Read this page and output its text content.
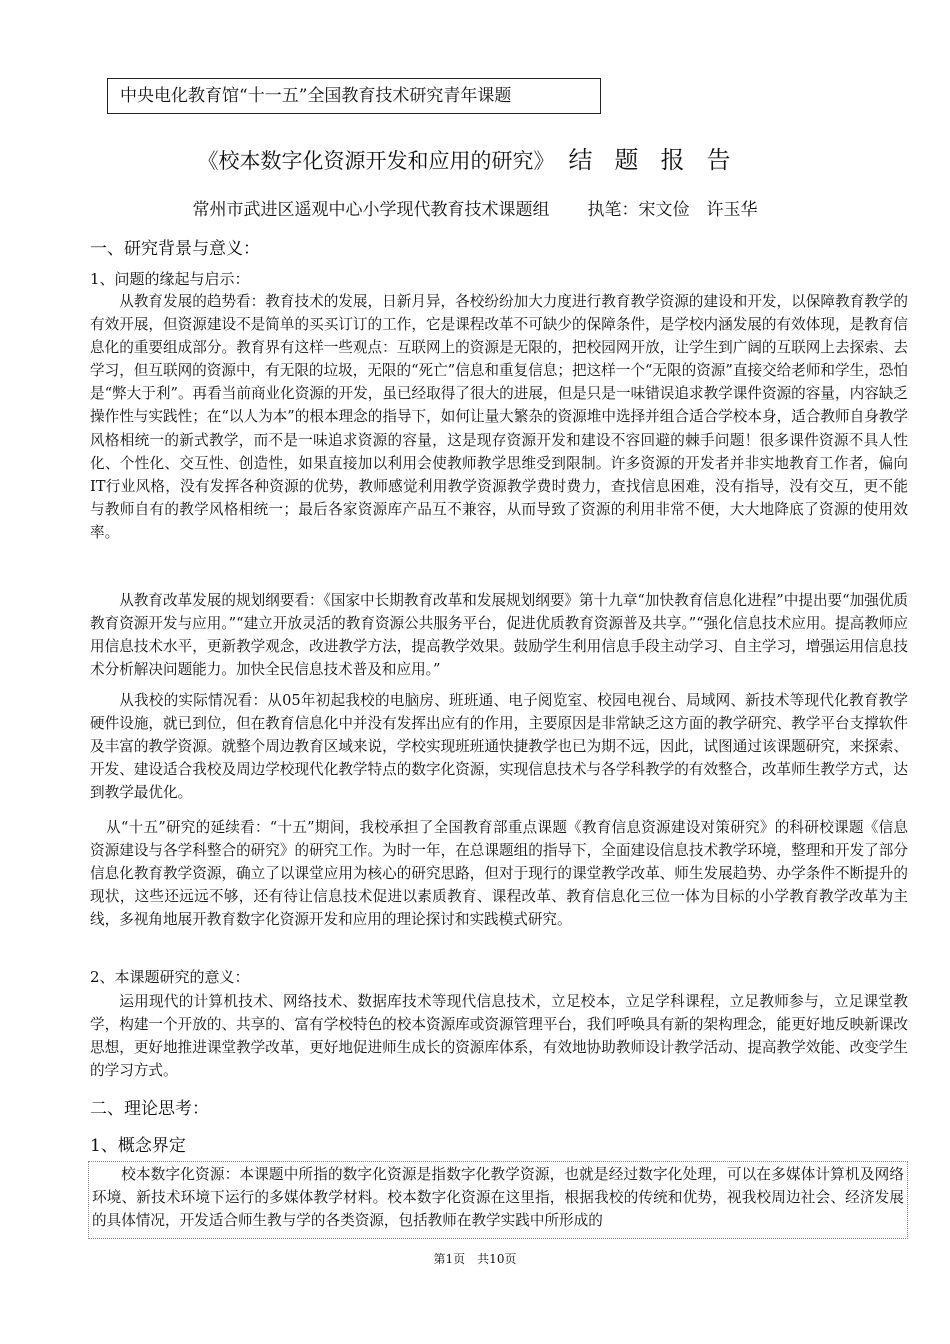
中央电化教育馆“十一五”全国教育技术研究青年课题
《校本数字化资源开发和应用的研究》 结题报告
常州市武进区遥观中心小学现代教育技术课题组 执笔：宋文俭　许玉华
一、研究背景与意义：
1、问题的缘起与启示：
从教育发展的趋势看：教育技术的发展，日新月异，各校纷纷加大力度进行教育教学资源的建设和开发，以保障教育教学的有效开展，但资源建设不是简单的买买订订的工作，它是课程改革不可缺少的保障条件，是学校内涵发展的有效体现，是教育信息化的重要组成部分。教育界有这样一些观点：互联网上的资源是无限的，把校园网开放，让学生到广阔的互联网上去探索、去学习，但互联网的资源中，有无限的垃圾，无限的“死亡”信息和重复信息；把这样一个“无限的资源”直接交给老师和学生，恐怕是“弊大于利”。再看当前商业化资源的开发，虽已经取得了很大的进展，但是只是一味错误追求教学课件资源的容量，内容缺乏操作性与实践性；在“以人为本”的根本理念的指导下，如何让量大繁杂的资源堆中选择并组合适合学校本身，适合教师自身教学风格相统一的新式教学，而不是一味追求资源的容量，这是现存资源开发和建设不容回避的棘手问题！很多课件资源不具人性化、个性化、交互性、创造性，如果直接加以利用会使教师教学思维受到限制。许多资源的开发者并非实地教育工作者，偏向IT行业风格，没有发挥各种资源的优势，教师感觉利用教学资源教学费时费力，查找信息困难，没有指导，没有交互，更不能与教师自有的教学风格相统一；最后各家资源库产品互不兼容，从而导致了资源的利用非常不便，大大地降底了资源的使用效率。
从教育改革发展的规划纲要看：《国家中长期教育改革和发展规划纲要》第十九章“加快教育信息化进程”中提出要“加强优质教育资源开发与应用。”“建立开放灵活的教育资源公共服务平台，促进优质教育资源普及共享。”“强化信息技术应用。提高教师应用信息技术水平，更新教学观念，改进教学方法，提高教学效果。鼓励学生利用信息手段主动学习、自主学习，增强运用信息技术分析解决问题能力。加快全民信息技术普及和应用。”
从我校的实际情况看：从05年初起我校的电脑房、班班通、电子阅览室、校园电视台、局域网、新技术等现代化教育教学硬件设施，就已到位，但在教育信息化中并没有发挥出应有的作用，主要原因是非常缺乏这方面的教学研究、教学平台支撑软件及丰富的教学资源。就整个周边教育区域来说，学校实现班班通快捷教学也已为期不远，因此，试图通过该课题研究，来探索、开发、建设适合我校及周边学校现代化教学特点的数字化资源，实现信息技术与各学科教学的有效整合，改革师生教学方式，达到教学最优化。
从“十五”研究的延续看：“十五”期间，我校承担了全国教育部重点课题《教育信息资源建设对策研究》的科研校课题《信息资源建设与各学科整合的研究》的研究工作。为时一年，在总课题组的指导下，全面建设信息技术教学环境，整理和开发了部分信息化教育教学资源，确立了以课堂应用为核心的研究思路，但对于现行的课堂教学改革、师生发展趋势、办学条件不断提升的现状，这些还远远不够，还有待让信息技术促进以素质教育、课程改革、教育信息化三位一体为目标的小学教育教学改革为主线，多视角地展开教育数字化资源开发和应用的理论探讨和实践模式研究。
2、本课题研究的意义：
运用现代的计算机技术、网络技术、数据库技术等现代信息技术，立足校本，立足学科课程，立足教师参与，立足课堂教学，构建一个开放的、共享的、富有学校特色的校本资源库或资源管理平台，我们呼唤具有新的架构理念，能更好地反映新课改思想，更好地推进课堂教学改革，更好地促进师生成长的资源库体系，有效地协助教师设计教学活动、提高教学效能、改变学生的学习方式。
二、理论思考：
1、概念界定
校本数字化资源：本课题中所指的数字化资源是指数字化教学资源，也就是经过数字化处理，可以在多媒体计算机及网络环境、新技术环境下运行的多媒体教学材料。校本数字化资源在这里指，根据我校的传统和优势，视我校周边社会、经济发展的具体情况，开发适合师生教与学的各类资源，包括教师在教学实践中所形成的
第1页　共10页
